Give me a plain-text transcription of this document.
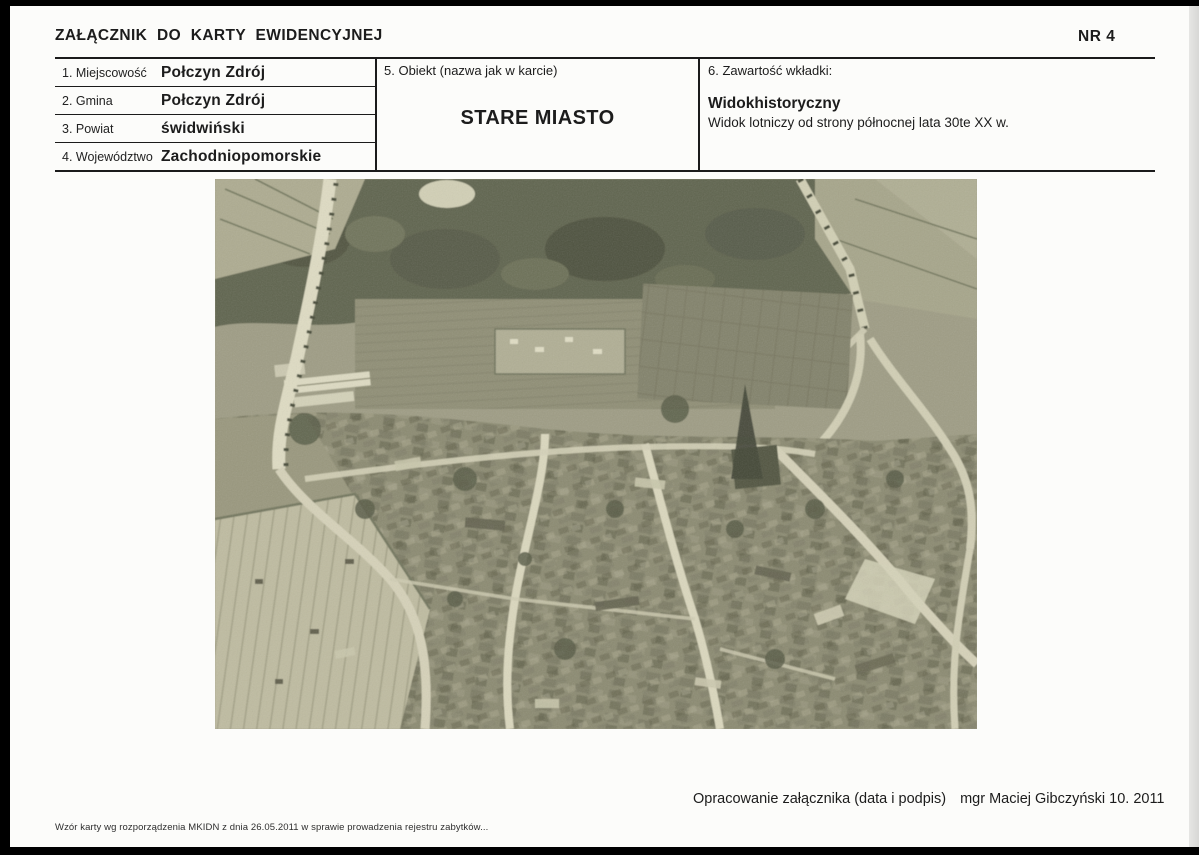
ZAŁĄCZNIK DO KARTY EWIDENCYJNEJ	NR 4
1. Miejscowość Połczyn Zdrój
2. Gmina	Połczyn Zdrój
3. Powiat	świdwiński
4. Województwo Zachodniopomorskie
5. Obiekt (nazwa jak w karcie)
STARE MIASTO
6. Zawartość wkładki:
Widokhistoryczny
Widok lotniczy od strony północnej lata 30te XX w.
Opracowanie załącznika (data i podpis) mgr Maciej Gibczyński 10. 2011
Wzór karty wg rozporządzenia MKIDN z dnia 26.05.2011 w sprawie prowadzenia rejestru zabytków...
